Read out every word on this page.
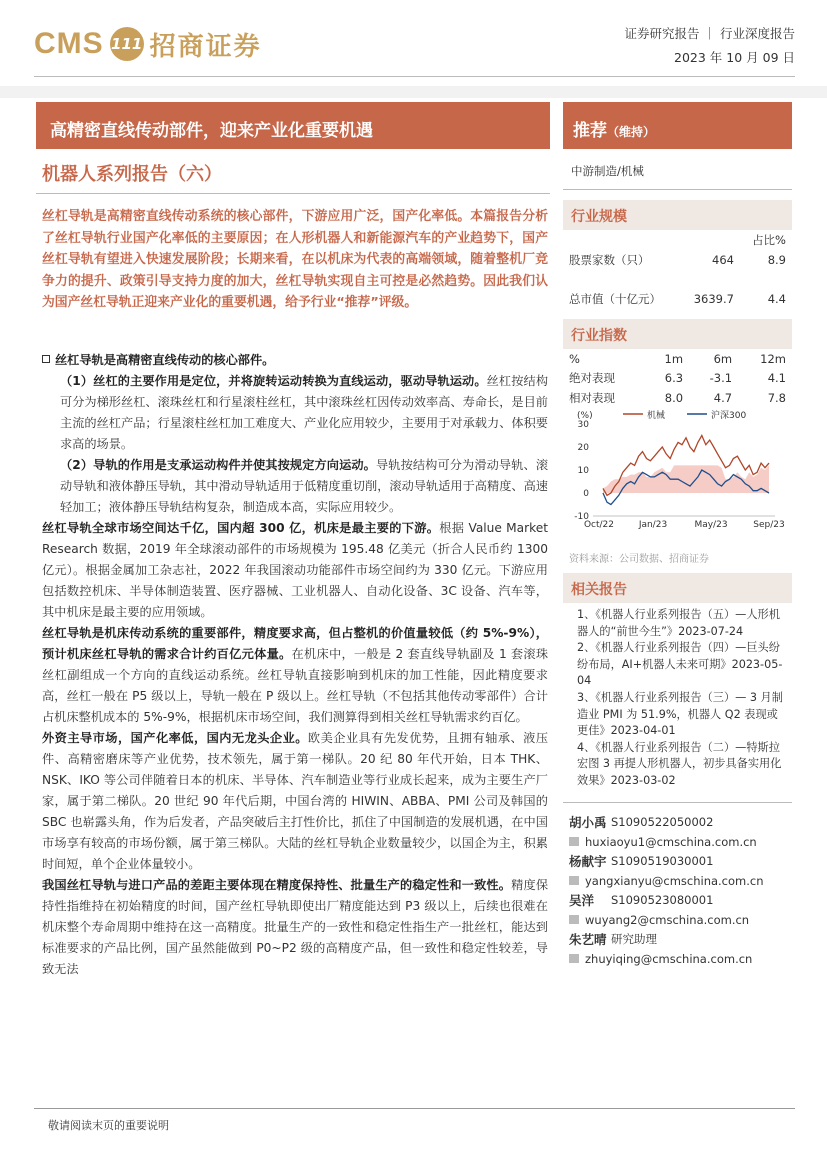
CMS 111 招商证券	证券研究报告 ｜ 行业深度报告
2023 年 10 月 09 日
高精密直线传动部件，迎来产业化重要机遇
机器人系列报告（六）
丝杠导轨是高精密直线传动系统的核心部件，下游应用广泛，国产化率低。本篇报告分析了丝杠导轨行业国产化率低的主要原因；在人形机器人和新能源汽车的产业趋势下，国产丝杠导轨有望进入快速发展阶段；长期来看，在以机床为代表的高端领域，随着整机厂竞争力的提升、政策引导支持力度的加大，丝杠导轨实现自主可控是必然趋势。因此我们认为国产丝杠导轨正迎来产业化的重要机遇，给予行业“推荐”评级。
丝杠导轨是高精密直线传动的核心部件。
（1）丝杠的主要作用是定位，并将旋转运动转换为直线运动，驱动导轨运动。丝杠按结构可分为梯形丝杠、滚珠丝杠和行星滚柱丝杠，其中滚珠丝杠因传动效率高、寿命长，是目前主流的丝杠产品；行星滚柱丝杠加工难度大、产业化应用较少，主要用于对承载力、体积要求高的场景。
（2）导轨的作用是支承运动构件并使其按规定方向运动。导轨按结构可分为滑动导轨、滚动导轨和液体静压导轨，其中滑动导轨适用于低精度重切削，滚动导轨适用于高精度、高速轻加工；液体静压导轨结构复杂，制造成本高，实际应用较少。
丝杠导轨全球市场空间达千亿，国内超 300 亿，机床是最主要的下游。根据 Value Market Research 数据，2019 年全球滚动部件的市场规模为 195.48 亿美元（折合人民币约 1300 亿元）。根据金属加工杂志社，2022 年我国滚动功能部件市场空间约为 330 亿元。下游应用包括数控机床、半导体制造装置、医疗器械、工业机器人、自动化设备、3C 设备、汽车等，其中机床是最主要的应用领域。
丝杠导轨是机床传动系统的重要部件，精度要求高，但占整机的价值量较低（约 5%-9%），预计机床丝杠导轨的需求合计约百亿元体量。在机床中，一般是 2 套直线导轨副及 1 套滚珠丝杠副组成一个方向的直线运动系统。丝杠导轨直接影响到机床的加工性能，因此精度要求高，丝杠一般在 P5 级以上，导轨一般在 P 级以上。丝杠导轨（不包括其他传动零部件）合计占机床整机成本的 5%-9%，根据机床市场空间，我们测算得到相关丝杠导轨需求约百亿。
外资主导市场，国产化率低，国内无龙头企业。欧美企业具有先发优势，且拥有轴承、液压件、高精密磨床等产业优势，技术领先，属于第一梯队。20 纪 80 年代开始，日本 THK、NSK、IKO 等公司伴随着日本的机床、半导体、汽车制造业等行业成长起来，成为主要生产厂家，属于第二梯队。20 世纪 90 年代后期，中国台湾的 HIWIN、ABBA、PMI 公司及韩国的 SBC 也崭露头角，作为后发者，产品突破后主打性价比，抓住了中国制造的发展机遇，在中国市场享有较高的市场份额，属于第三梯队。大陆的丝杠导轨企业数量较少，以国企为主，积累时间短，单个企业体量较小。
我国丝杠导轨与进口产品的差距主要体现在精度保持性、批量生产的稳定性和一致性。精度保持性指维持在初始精度的时间，国产丝杠导轨即使出厂精度能达到 P3 级以上，后续也很难在机床整个寿命周期中维持在这一高精度。批量生产的一致性和稳定性指生产一批丝杠，能达到标准要求的产品比例，国产虽然能做到 P0~P2 级的高精度产品，但一致性和稳定性较差，导致无法
推荐（维持）
中游制造/机械
行业规模
		占比%
股票家数（只）	464	8.9

总市值（十亿元）	3639.7	4.4
行业指数
%	1m	6m	12m
绝对表现	6.3	-3.1	4.1
相对表现	8.0	4.7	7.8
(%)
30
20
10
0
-10
Oct/22	Jan/23	May/23	Sep/23
机械	沪深300
资料来源：公司数据、招商证券
相关报告
1、《机器人行业系列报告（五）—人形机器人的“前世今生”》2023-07-24
2、《机器人行业系列报告（四）—巨头纷纷布局，AI+机器人未来可期》2023-05-04
3、《机器人行业系列报告（三）— 3 月制造业 PMI 为 51.9%，机器人 Q2 表现或更佳》2023-04-01
4、《机器人行业系列报告（二）—特斯拉宏图 3 再提人形机器人，初步具备实用化效果》2023-03-02
胡小禹 S1090522050002
huxiaoyu1@cmschina.com.cn
杨献宇 S1090519030001
yangxianyu@cmschina.com.cn
吴洋	S1090523080001
wuyang2@cmschina.com.cn
朱艺晴 研究助理
zhuyiqing@cmschina.com.cn
敬请阅读末页的重要说明
